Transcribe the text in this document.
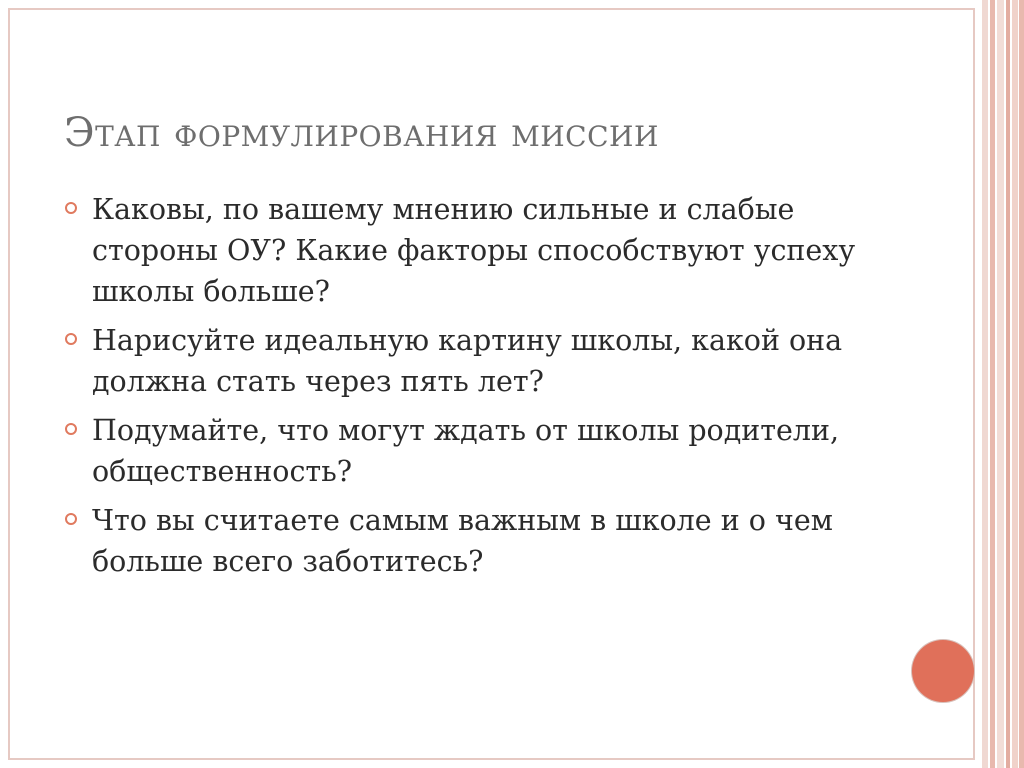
Этап формулирования миссии
Каковы, по вашему мнению сильные и слабые стороны ОУ? Какие факторы способствуют успеху школы больше?
Нарисуйте идеальную картину школы, какой она должна стать через пять лет?
Подумайте, что могут ждать от школы родители, общественность?
Что вы считаете самым важным в школе и о чем больше всего заботитесь?
